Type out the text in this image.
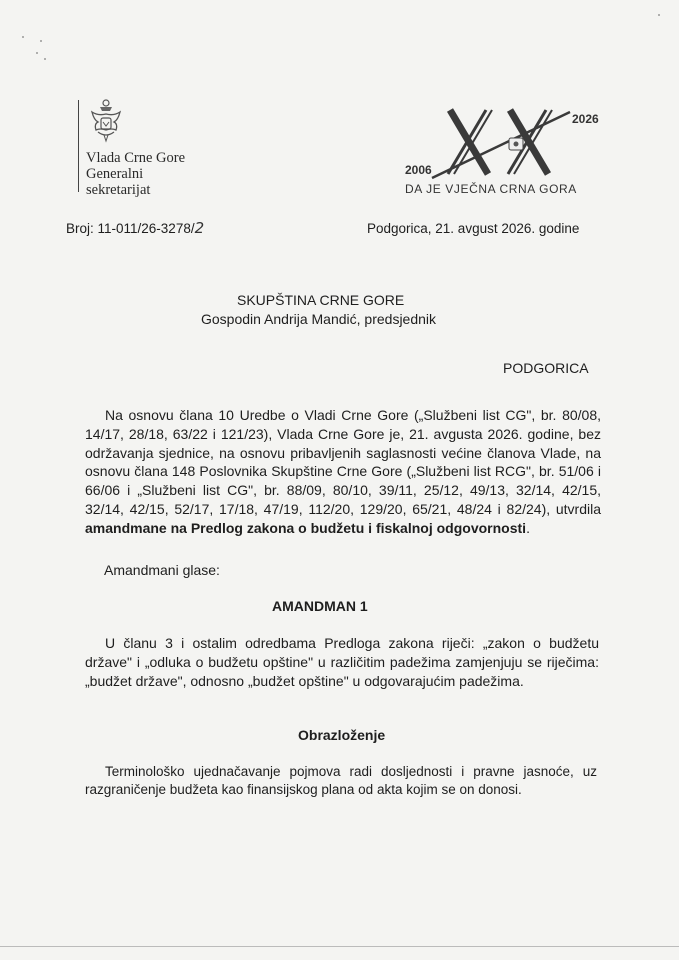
Vlada Crne Gore
Generalni
sekretarijat
2006
2026
DA JE VJEČNA CRNA GORA
Broj: 11-011/26-3278/2	Podgorica, 21. avgust 2026. godine
SKUPŠTINA CRNE GORE
Gospodin Andrija Mandić, predsjednik
PODGORICA
Na osnovu člana 10 Uredbe o Vladi Crne Gore („Službeni list CG", br. 80/08, 14/17, 28/18, 63/22 i 121/23), Vlada Crne Gore je, 21. avgusta 2026. godine, bez održavanja sjednice, na osnovu pribavljenih saglasnosti većine članova Vlade, na osnovu člana 148 Poslovnika Skupštine Crne Gore („Službeni list RCG", br. 51/06 i 66/06 i „Službeni list CG", br. 88/09, 80/10, 39/11, 25/12, 49/13, 32/14, 42/15, 32/14, 42/15, 52/17, 17/18, 47/19, 112/20, 129/20, 65/21, 48/24 i 82/24), utvrdila amandmane na Predlog zakona o budžetu i fiskalnoj odgovornosti.
Amandmani glase:
AMANDMAN 1
U članu 3 i ostalim odredbama Predloga zakona riječi: „zakon o budžetu države" i „odluka o budžetu opštine" u različitim padežima zamjenjuju se riječima: „budžet države", odnosno „budžet opštine" u odgovarajućim padežima.
Obrazloženje
Terminološko ujednačavanje pojmova radi dosljednosti i pravne jasnoće, uz razgraničenje budžeta kao finansijskog plana od akta kojim se on donosi.
